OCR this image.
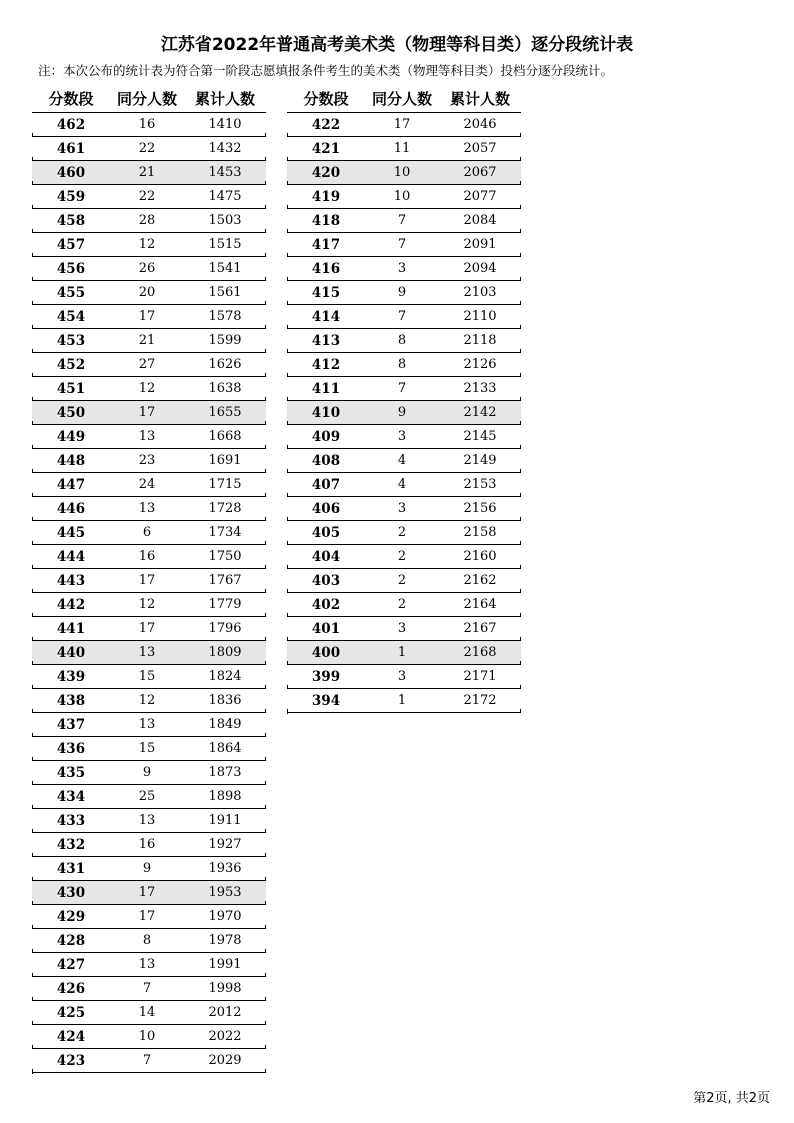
江苏省2022年普通高考美术类（物理等科目类）逐分段统计表
注：本次公布的统计表为符合第一阶段志愿填报条件考生的美术类（物理等科目类）投档分逐分段统计。
分数段	同分人数	累计人数
462	16	1410
461	22	1432
460	21	1453
459	22	1475
458	28	1503
457	12	1515
456	26	1541
455	20	1561
454	17	1578
453	21	1599
452	27	1626
451	12	1638
450	17	1655
449	13	1668
448	23	1691
447	24	1715
446	13	1728
445	6	1734
444	16	1750
443	17	1767
442	12	1779
441	17	1796
440	13	1809
439	15	1824
438	12	1836
437	13	1849
436	15	1864
435	9	1873
434	25	1898
433	13	1911
432	16	1927
431	9	1936
430	17	1953
429	17	1970
428	8	1978
427	13	1991
426	7	1998
425	14	2012
424	10	2022
423	7	2029
分数段	同分人数	累计人数
422	17	2046
421	11	2057
420	10	2067
419	10	2077
418	7	2084
417	7	2091
416	3	2094
415	9	2103
414	7	2110
413	8	2118
412	8	2126
411	7	2133
410	9	2142
409	3	2145
408	4	2149
407	4	2153
406	3	2156
405	2	2158
404	2	2160
403	2	2162
402	2	2164
401	3	2167
400	1	2168
399	3	2171
394	1	2172
第2页, 共2页
